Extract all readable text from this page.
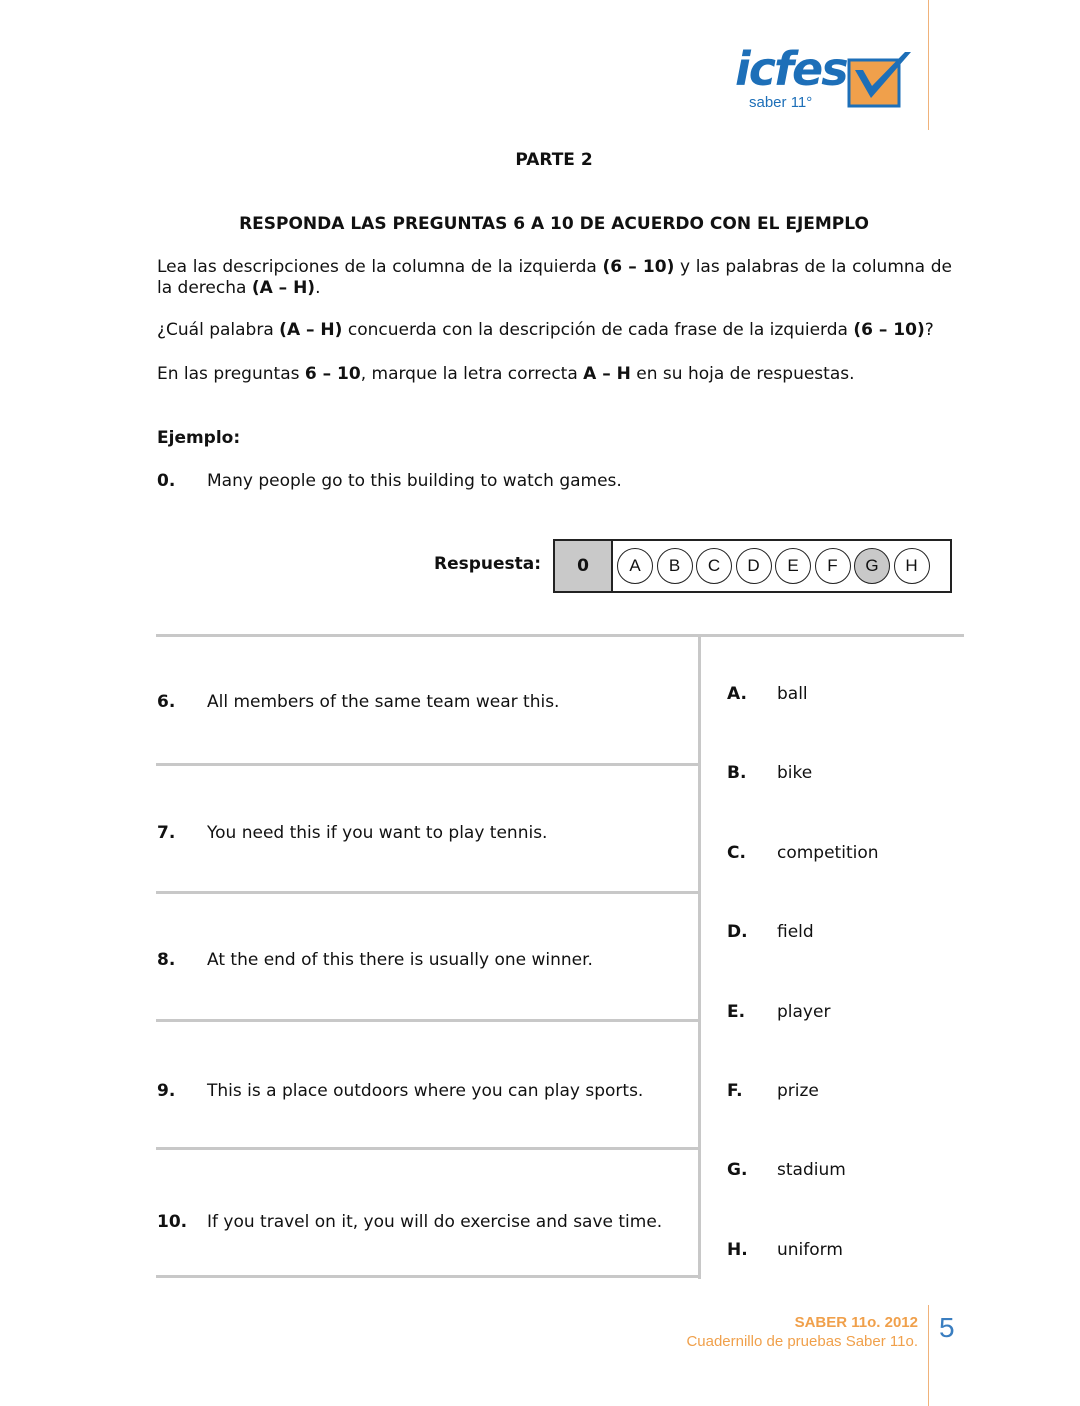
icfes
saber 11°
PARTE 2
RESPONDA LAS PREGUNTAS 6 A 10 DE ACUERDO CON EL EJEMPLO
Lea las descripciones de la columna de la izquierda (6 – 10) y las palabras de la columna de la derecha (A – H).
¿Cuál palabra (A – H) concuerda con la descripción de cada frase de la izquierda (6 – 10)?
En las preguntas 6 – 10, marque la letra correcta A – H en su hoja de respuestas.
Ejemplo:
0. Many people go to this building to watch games.
Respuesta:	0	A	B	C	D	E	F	G	H
6. All members of the same team wear this.
7. You need this if you want to play tennis.
8. At the end of this there is usually one winner.
9. This is a place outdoors where you can play sports.
10. If you travel on it, you will do exercise and save time.
A. ball
B. bike
C. competition
D. field
E. player
F. prize
G. stadium
H. uniform
SABER 11o. 2012
Cuadernillo de pruebas Saber 11o. 5
